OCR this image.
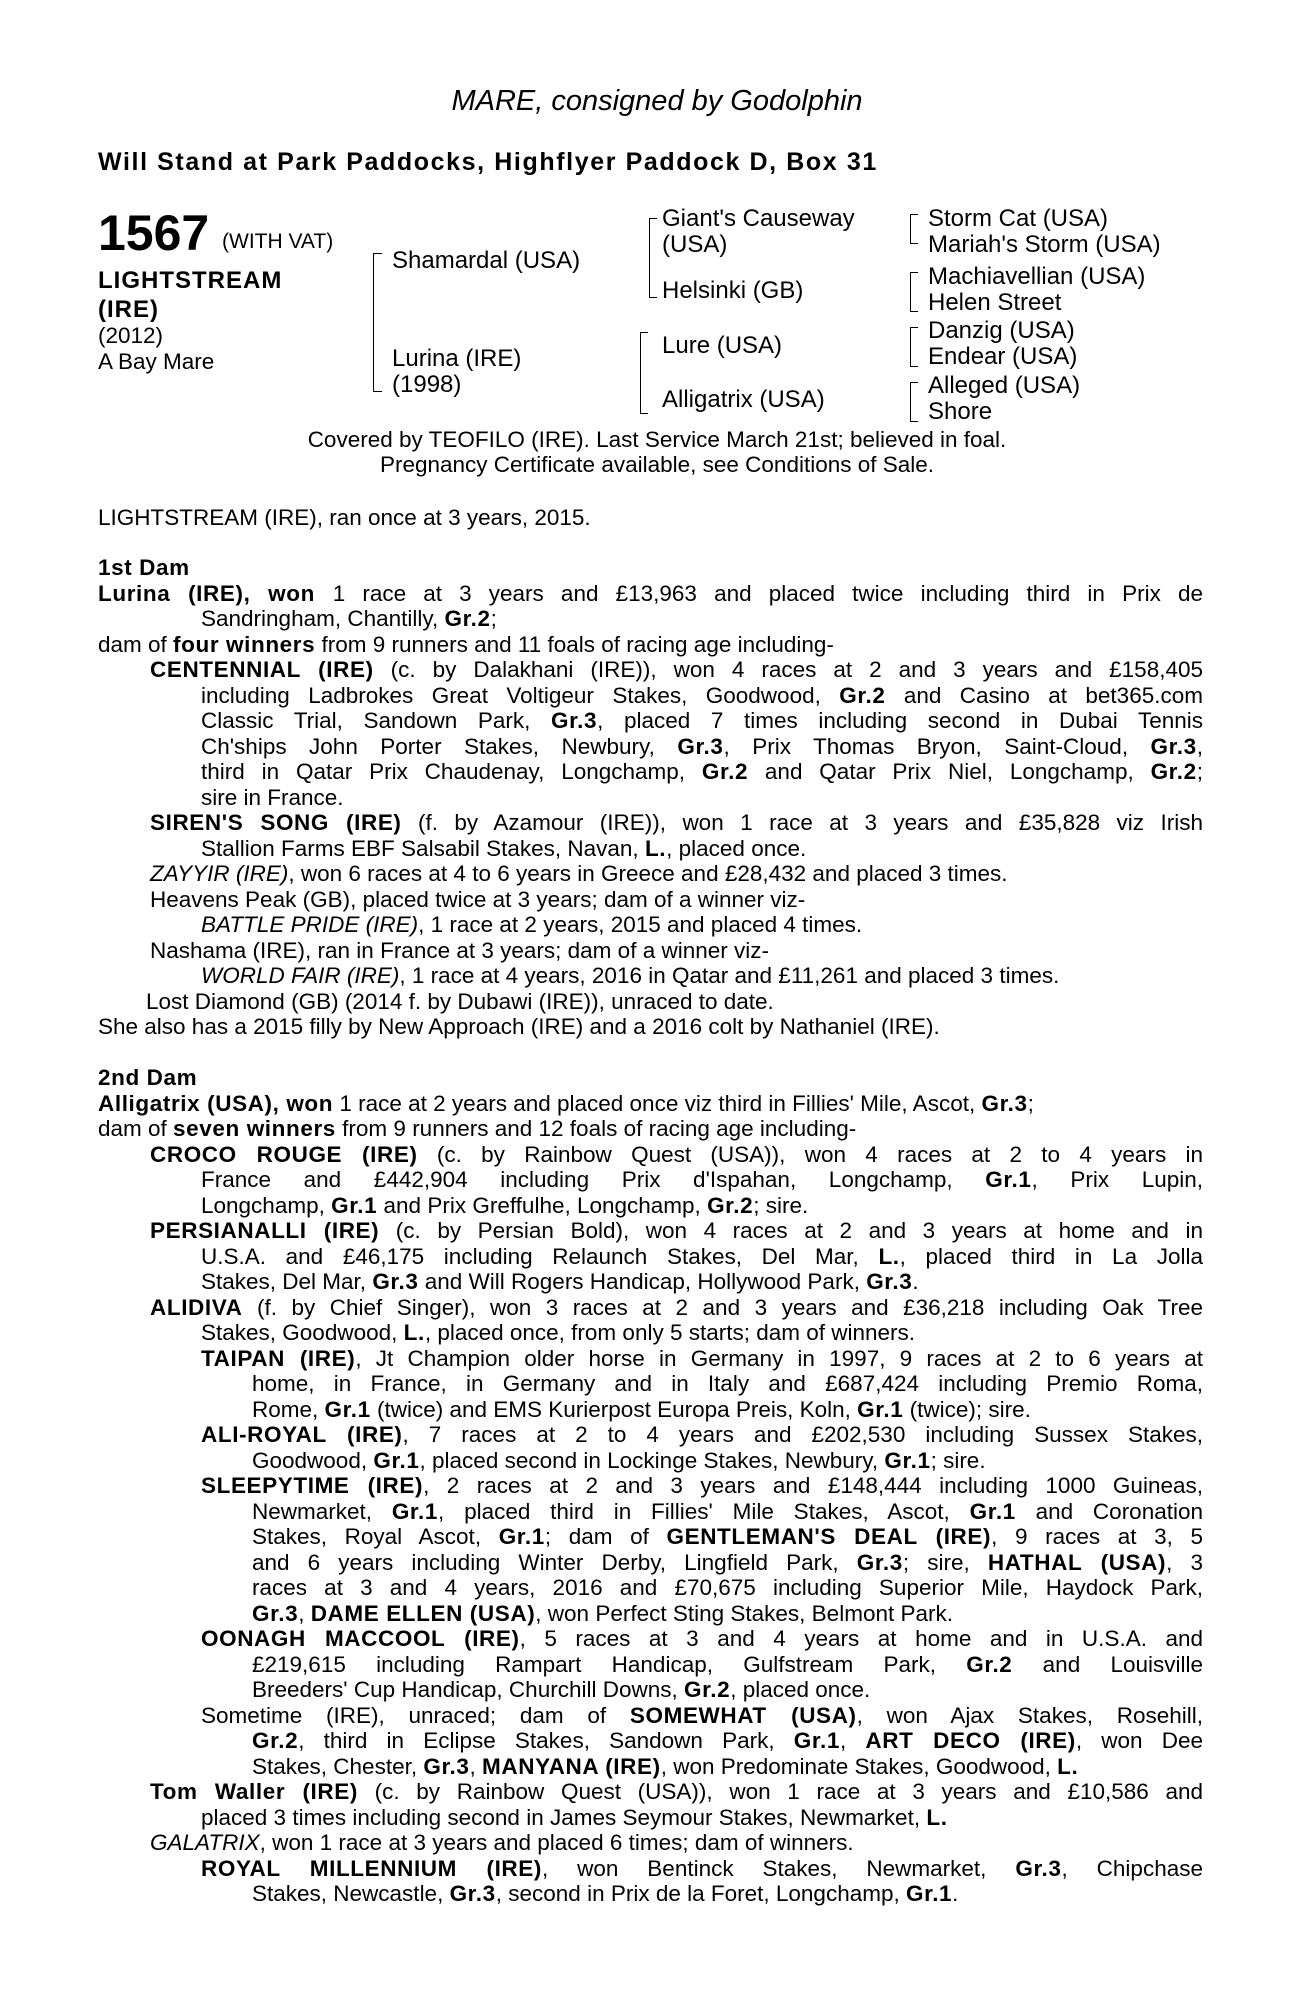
MARE, consigned by Godolphin
Will Stand at Park Paddocks, Highflyer Paddock D, Box 31
1567 (WITH VAT)
LIGHTSTREAM
(IRE)
(2012)
A Bay Mare
Shamardal (USA)
Lurina (IRE)
(1998)
Giant's Causeway
(USA)
Helsinki (GB)
Lure (USA)
Alligatrix (USA)
Storm Cat (USA)
Mariah's Storm (USA)
Machiavellian (USA)
Helen Street
Danzig (USA)
Endear (USA)
Alleged (USA)
Shore
Covered by TEOFILO (IRE). Last Service March 21st; believed in foal.
Pregnancy Certificate available, see Conditions of Sale.
LIGHTSTREAM (IRE), ran once at 3 years, 2015.
1st Dam
Lurina (IRE), won 1 race at 3 years and £13,963 and placed twice including third in Prix de
Sandringham, Chantilly, Gr.2;
dam of four winners from 9 runners and 11 foals of racing age including-
CENTENNIAL (IRE) (c. by Dalakhani (IRE)), won 4 races at 2 and 3 years and £158,405
including Ladbrokes Great Voltigeur Stakes, Goodwood, Gr.2 and Casino at bet365.com
Classic Trial, Sandown Park, Gr.3, placed 7 times including second in Dubai Tennis
Ch'ships John Porter Stakes, Newbury, Gr.3, Prix Thomas Bryon, Saint-Cloud, Gr.3,
third in Qatar Prix Chaudenay, Longchamp, Gr.2 and Qatar Prix Niel, Longchamp, Gr.2;
sire in France.
SIREN'S SONG (IRE) (f. by Azamour (IRE)), won 1 race at 3 years and £35,828 viz Irish
Stallion Farms EBF Salsabil Stakes, Navan, L., placed once.
ZAYYIR (IRE), won 6 races at 4 to 6 years in Greece and £28,432 and placed 3 times.
Heavens Peak (GB), placed twice at 3 years; dam of a winner viz-
BATTLE PRIDE (IRE), 1 race at 2 years, 2015 and placed 4 times.
Nashama (IRE), ran in France at 3 years; dam of a winner viz-
WORLD FAIR (IRE), 1 race at 4 years, 2016 in Qatar and £11,261 and placed 3 times.
Lost Diamond (GB) (2014 f. by Dubawi (IRE)), unraced to date.
She also has a 2015 filly by New Approach (IRE) and a 2016 colt by Nathaniel (IRE).
2nd Dam
Alligatrix (USA), won 1 race at 2 years and placed once viz third in Fillies' Mile, Ascot, Gr.3;
dam of seven winners from 9 runners and 12 foals of racing age including-
CROCO ROUGE (IRE) (c. by Rainbow Quest (USA)), won 4 races at 2 to 4 years in
France and £442,904 including Prix d'Ispahan, Longchamp, Gr.1, Prix Lupin,
Longchamp, Gr.1 and Prix Greffulhe, Longchamp, Gr.2; sire.
PERSIANALLI (IRE) (c. by Persian Bold), won 4 races at 2 and 3 years at home and in
U.S.A. and £46,175 including Relaunch Stakes, Del Mar, L., placed third in La Jolla
Stakes, Del Mar, Gr.3 and Will Rogers Handicap, Hollywood Park, Gr.3.
ALIDIVA (f. by Chief Singer), won 3 races at 2 and 3 years and £36,218 including Oak Tree
Stakes, Goodwood, L., placed once, from only 5 starts; dam of winners.
TAIPAN (IRE), Jt Champion older horse in Germany in 1997, 9 races at 2 to 6 years at
home, in France, in Germany and in Italy and £687,424 including Premio Roma,
Rome, Gr.1 (twice) and EMS Kurierpost Europa Preis, Koln, Gr.1 (twice); sire.
ALI-ROYAL (IRE), 7 races at 2 to 4 years and £202,530 including Sussex Stakes,
Goodwood, Gr.1, placed second in Lockinge Stakes, Newbury, Gr.1; sire.
SLEEPYTIME (IRE), 2 races at 2 and 3 years and £148,444 including 1000 Guineas,
Newmarket, Gr.1, placed third in Fillies' Mile Stakes, Ascot, Gr.1 and Coronation
Stakes, Royal Ascot, Gr.1; dam of GENTLEMAN'S DEAL (IRE), 9 races at 3, 5
and 6 years including Winter Derby, Lingfield Park, Gr.3; sire, HATHAL (USA), 3
races at 3 and 4 years, 2016 and £70,675 including Superior Mile, Haydock Park,
Gr.3, DAME ELLEN (USA), won Perfect Sting Stakes, Belmont Park.
OONAGH MACCOOL (IRE), 5 races at 3 and 4 years at home and in U.S.A. and
£219,615 including Rampart Handicap, Gulfstream Park, Gr.2 and Louisville
Breeders' Cup Handicap, Churchill Downs, Gr.2, placed once.
Sometime (IRE), unraced; dam of SOMEWHAT (USA), won Ajax Stakes, Rosehill,
Gr.2, third in Eclipse Stakes, Sandown Park, Gr.1, ART DECO (IRE), won Dee
Stakes, Chester, Gr.3, MANYANA (IRE), won Predominate Stakes, Goodwood, L.
Tom Waller (IRE) (c. by Rainbow Quest (USA)), won 1 race at 3 years and £10,586 and
placed 3 times including second in James Seymour Stakes, Newmarket, L.
GALATRIX, won 1 race at 3 years and placed 6 times; dam of winners.
ROYAL MILLENNIUM (IRE), won Bentinck Stakes, Newmarket, Gr.3, Chipchase
Stakes, Newcastle, Gr.3, second in Prix de la Foret, Longchamp, Gr.1.
